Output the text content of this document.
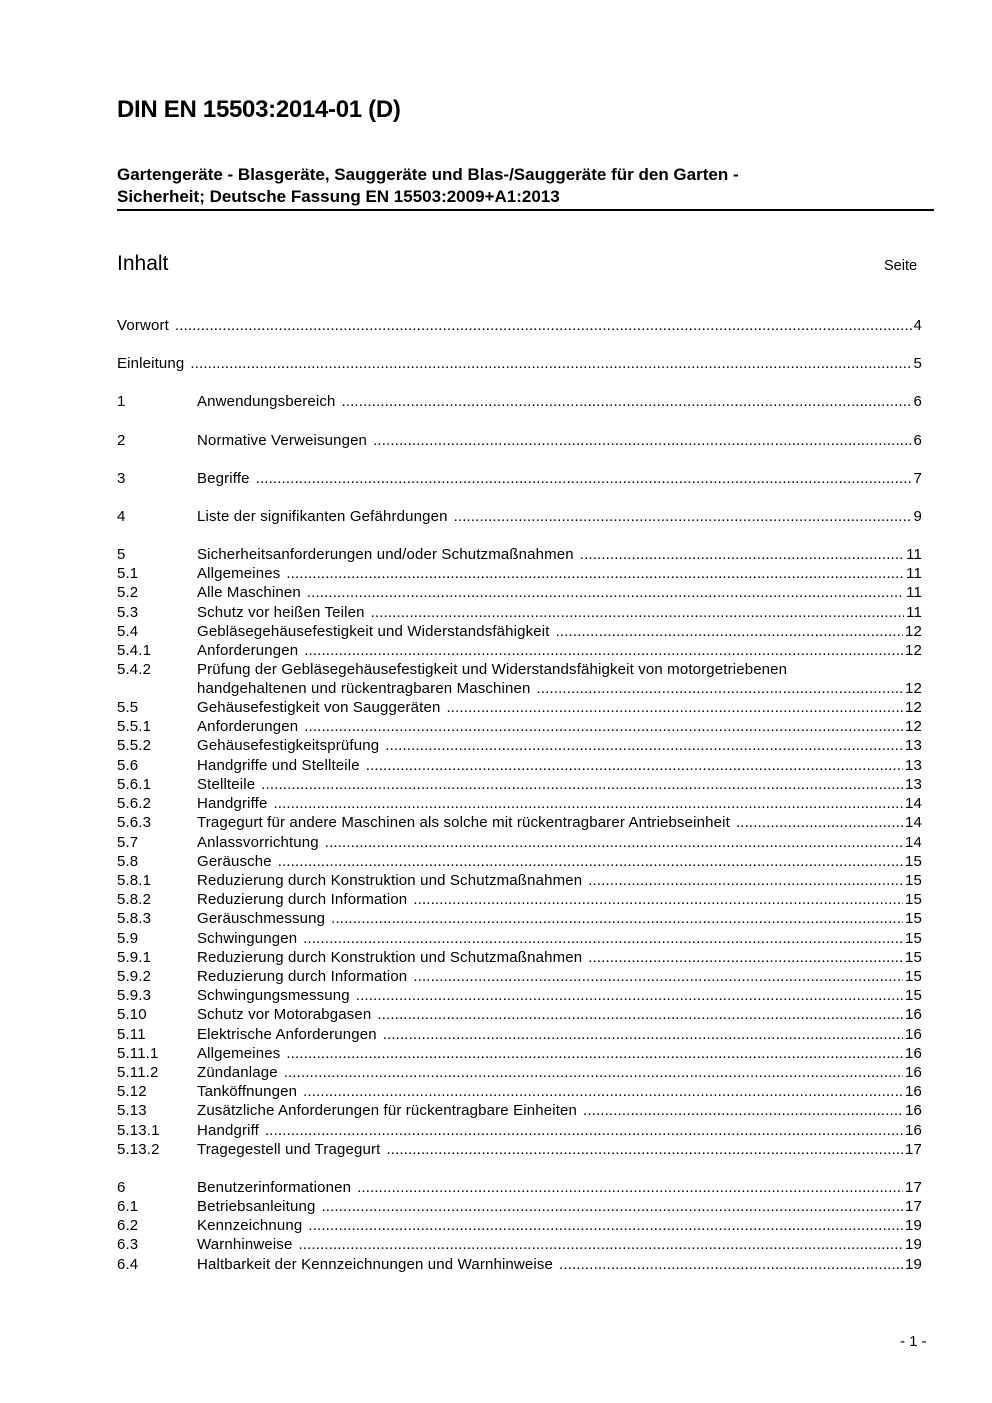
DIN EN 15503:2014-01 (D)
Gartengeräte - Blasgeräte, Sauggeräte und Blas-/Sauggeräte für den Garten -
Sicherheit; Deutsche Fassung EN 15503:2009+A1:2013
Inhalt	Seite
Vorwort .....	4
Einleitung .....	5
1	Anwendungsbereich .....	6
2	Normative Verweisungen .....	6
3	Begriffe .....	7
4	Liste der signifikanten Gefährdungen .....	9
5	Sicherheitsanforderungen und/oder Schutzmaßnahmen .....	11
5.1	Allgemeines .....	11
5.2	Alle Maschinen .....	11
5.3	Schutz vor heißen Teilen .....	11
5.4	Gebläsegehäusefestigkeit und Widerstandsfähigkeit .....	12
5.4.1	Anforderungen .....	12
5.4.2	Prüfung der Gebläsegehäusefestigkeit und Widerstandsfähigkeit von motorgetriebenen
handgehaltenen und rückentragbaren Maschinen .....	12
5.5	Gehäusefestigkeit von Sauggeräten .....	12
5.5.1	Anforderungen .....	12
5.5.2	Gehäusefestigkeitsprüfung .....	13
5.6	Handgriffe und Stellteile .....	13
5.6.1	Stellteile .....	13
5.6.2	Handgriffe .....	14
5.6.3	Tragegurt für andere Maschinen als solche mit rückentragbarer Antriebseinheit .....	14
5.7	Anlassvorrichtung .....	14
5.8	Geräusche .....	15
5.8.1	Reduzierung durch Konstruktion und Schutzmaßnahmen .....	15
5.8.2	Reduzierung durch Information .....	15
5.8.3	Geräuschmessung .....	15
5.9	Schwingungen .....	15
5.9.1	Reduzierung durch Konstruktion und Schutzmaßnahmen .....	15
5.9.2	Reduzierung durch Information .....	15
5.9.3	Schwingungsmessung .....	15
5.10	Schutz vor Motorabgasen .....	16
5.11	Elektrische Anforderungen .....	16
5.11.1	Allgemeines .....	16
5.11.2	Zündanlage .....	16
5.12	Tanköffnungen .....	16
5.13	Zusätzliche Anforderungen für rückentragbare Einheiten .....	16
5.13.1 Handgriff .....	16
5.13.2 Tragegestell und Tragegurt .....	17
6	Benutzerinformationen .....	17
6.1	Betriebsanleitung .....	17
6.2	Kennzeichnung .....	19
6.3	Warnhinweise .....	19
6.4	Haltbarkeit der Kennzeichnungen und Warnhinweise .....	19
- 1 -
